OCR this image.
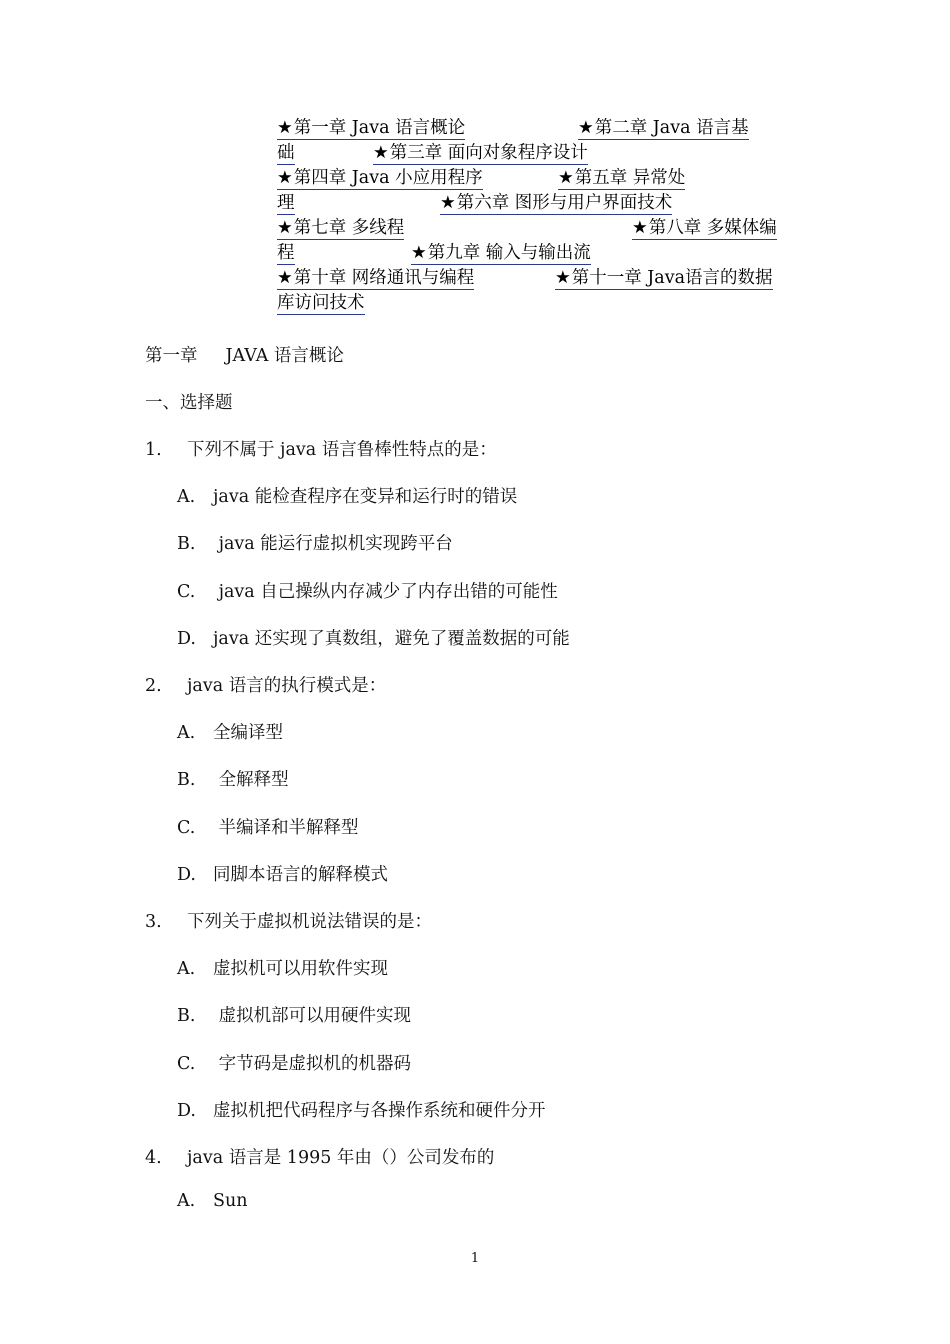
★第一章 Java 语言概论	★第二章 Java 语言基
础	★第三章 面向对象程序设计
★第四章 Java 小应用程序	★第五章 异常处
理	★第六章 图形与用户界面技术
★第七章 多线程	★第八章 多媒体编
程	★第九章 输入与输出流
★第十章 网络通讯与编程	★第十一章 Java语言的数据
库访问技术
第一章 JAVA 语言概论
一、选择题
1. 下列不属于 java 语言鲁棒性特点的是：
A. java 能检查程序在变异和运行时的错误
B. java 能运行虚拟机实现跨平台
C. java 自己操纵内存减少了内存出错的可能性
D. java 还实现了真数组，避免了覆盖数据的可能
2. java 语言的执行模式是：
A. 全编译型
B. 全解释型
C. 半编译和半解释型
D. 同脚本语言的解释模式
3. 下列关于虚拟机说法错误的是：
A. 虚拟机可以用软件实现
B. 虚拟机部可以用硬件实现
C. 字节码是虚拟机的机器码
D. 虚拟机把代码程序与各操作系统和硬件分开
4. java 语言是 1995 年由（）公司发布的
A. Sun
1
